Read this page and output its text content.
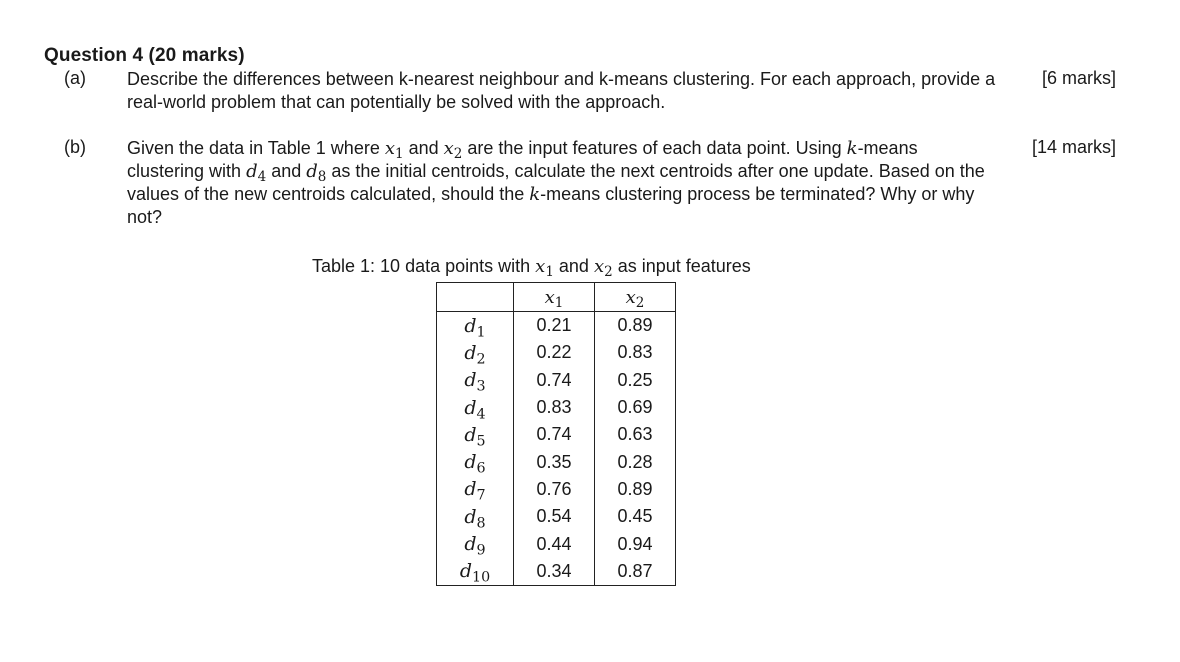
Question 4 (20 marks)
(a) Describe the differences between k-nearest neighbour and k-means clustering. For each approach, provide a real-world problem that can potentially be solved with the approach.
[6 marks]
(b) Given the data in Table 1 where $x_1$ and $x_2$ are the input features of each data point. Using k-means clustering with $d_4$ and $d_8$ as the initial centroids, calculate the next centroids after one update. Based on the values of the new centroids calculated, should the k-means clustering process be terminated? Why or why not?
[14 marks]
Table 1: 10 data points with $x_1$ and $x_2$ as input features
	$x_1$	$x_2$
$d_1$	0.21	0.89
$d_2$	0.22	0.83
$d_3$	0.74	0.25
$d_4$	0.83	0.69
$d_5$	0.74	0.63
$d_6$	0.35	0.28
$d_7$	0.76	0.89
$d_8$	0.54	0.45
$d_9$	0.44	0.94
$d_{10}$	0.34	0.87
